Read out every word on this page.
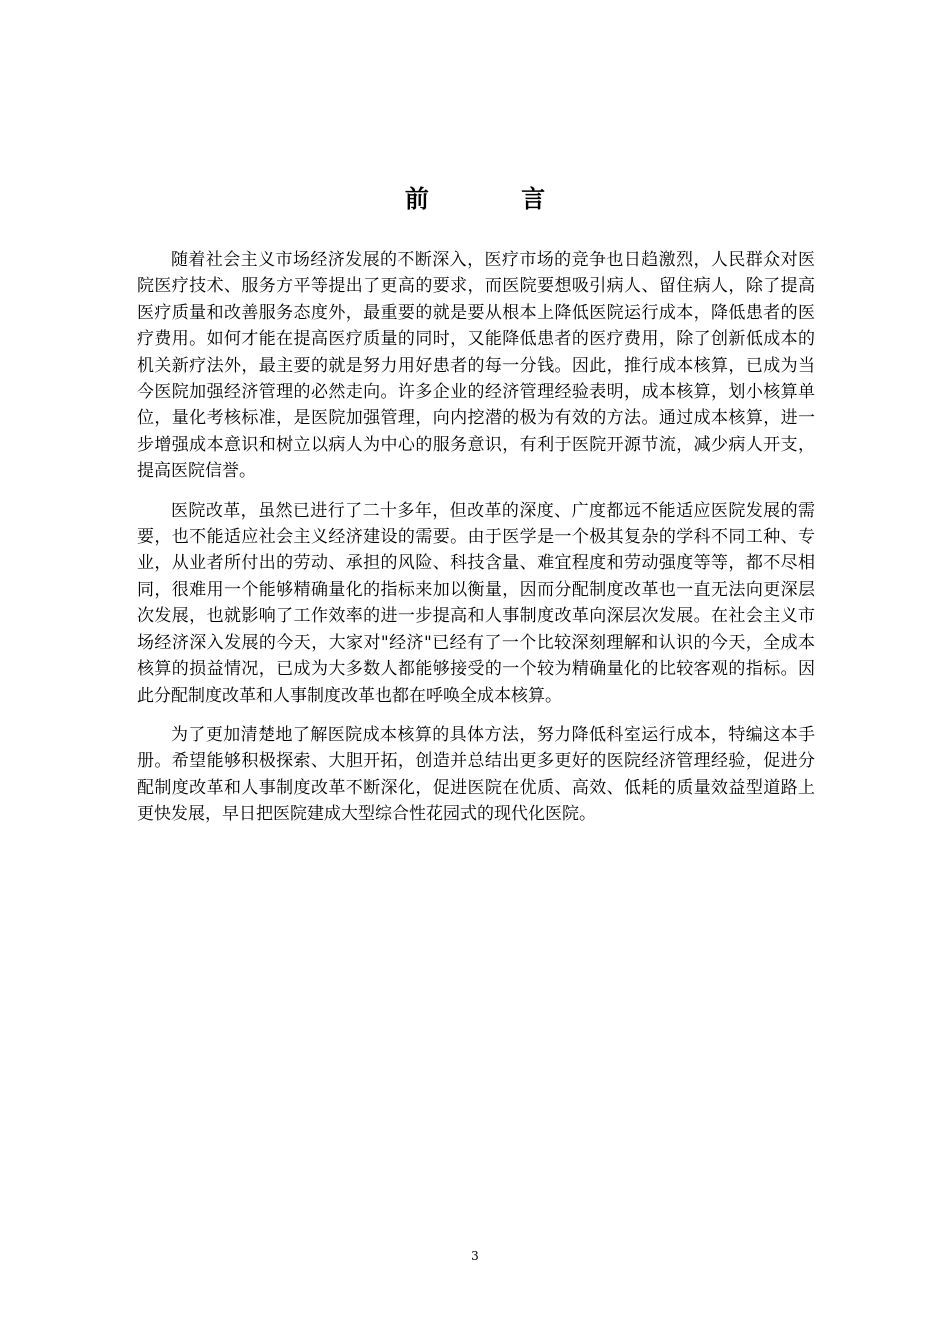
前 言

随着社会主义市场经济发展的不断深入，医疗市场的竞争也日趋激烈，人民群众对医院医疗技术、服务方平等提出了更高的要求，而医院要想吸引病人、留住病人，除了提高医疗质量和改善服务态度外，最重要的就是要从根本上降低医院运行成本，降低患者的医疗费用。如何才能在提高医疗质量的同时，又能降低患者的医疗费用，除了创新低成本的机关新疗法外，最主要的就是努力用好患者的每一分钱。因此，推行成本核算，已成为当今医院加强经济管理的必然走向。许多企业的经济管理经验表明，成本核算，划小核算单位，量化考核标准，是医院加强管理，向内挖潜的极为有效的方法。通过成本核算，进一步增强成本意识和树立以病人为中心的服务意识，有利于医院开源节流，减少病人开支，提高医院信誉。

医院改革，虽然已进行了二十多年，但改革的深度、广度都远不能适应医院发展的需要，也不能适应社会主义经济建设的需要。由于医学是一个极其复杂的学科不同工种、专业，从业者所付出的劳动、承担的风险、科技含量、难宜程度和劳动强度等等，都不尽相同，很难用一个能够精确量化的指标来加以衡量，因而分配制度改革也一直无法向更深层次发展，也就影响了工作效率的进一步提高和人事制度改革向深层次发展。在社会主义市场经济深入发展的今天，大家对"经济"已经有了一个比较深刻理解和认识的今天，全成本核算的损益情况，已成为大多数人都能够接受的一个较为精确量化的比较客观的指标。因此分配制度改革和人事制度改革也都在呼唤全成本核算。

为了更加清楚地了解医院成本核算的具体方法，努力降低科室运行成本，特编这本手册。希望能够积极探索、大胆开拓，创造并总结出更多更好的医院经济管理经验，促进分配制度改革和人事制度改革不断深化，促进医院在优质、高效、低耗的质量效益型道路上更快发展，早日把医院建成大型综合性花园式的现代化医院。

3
